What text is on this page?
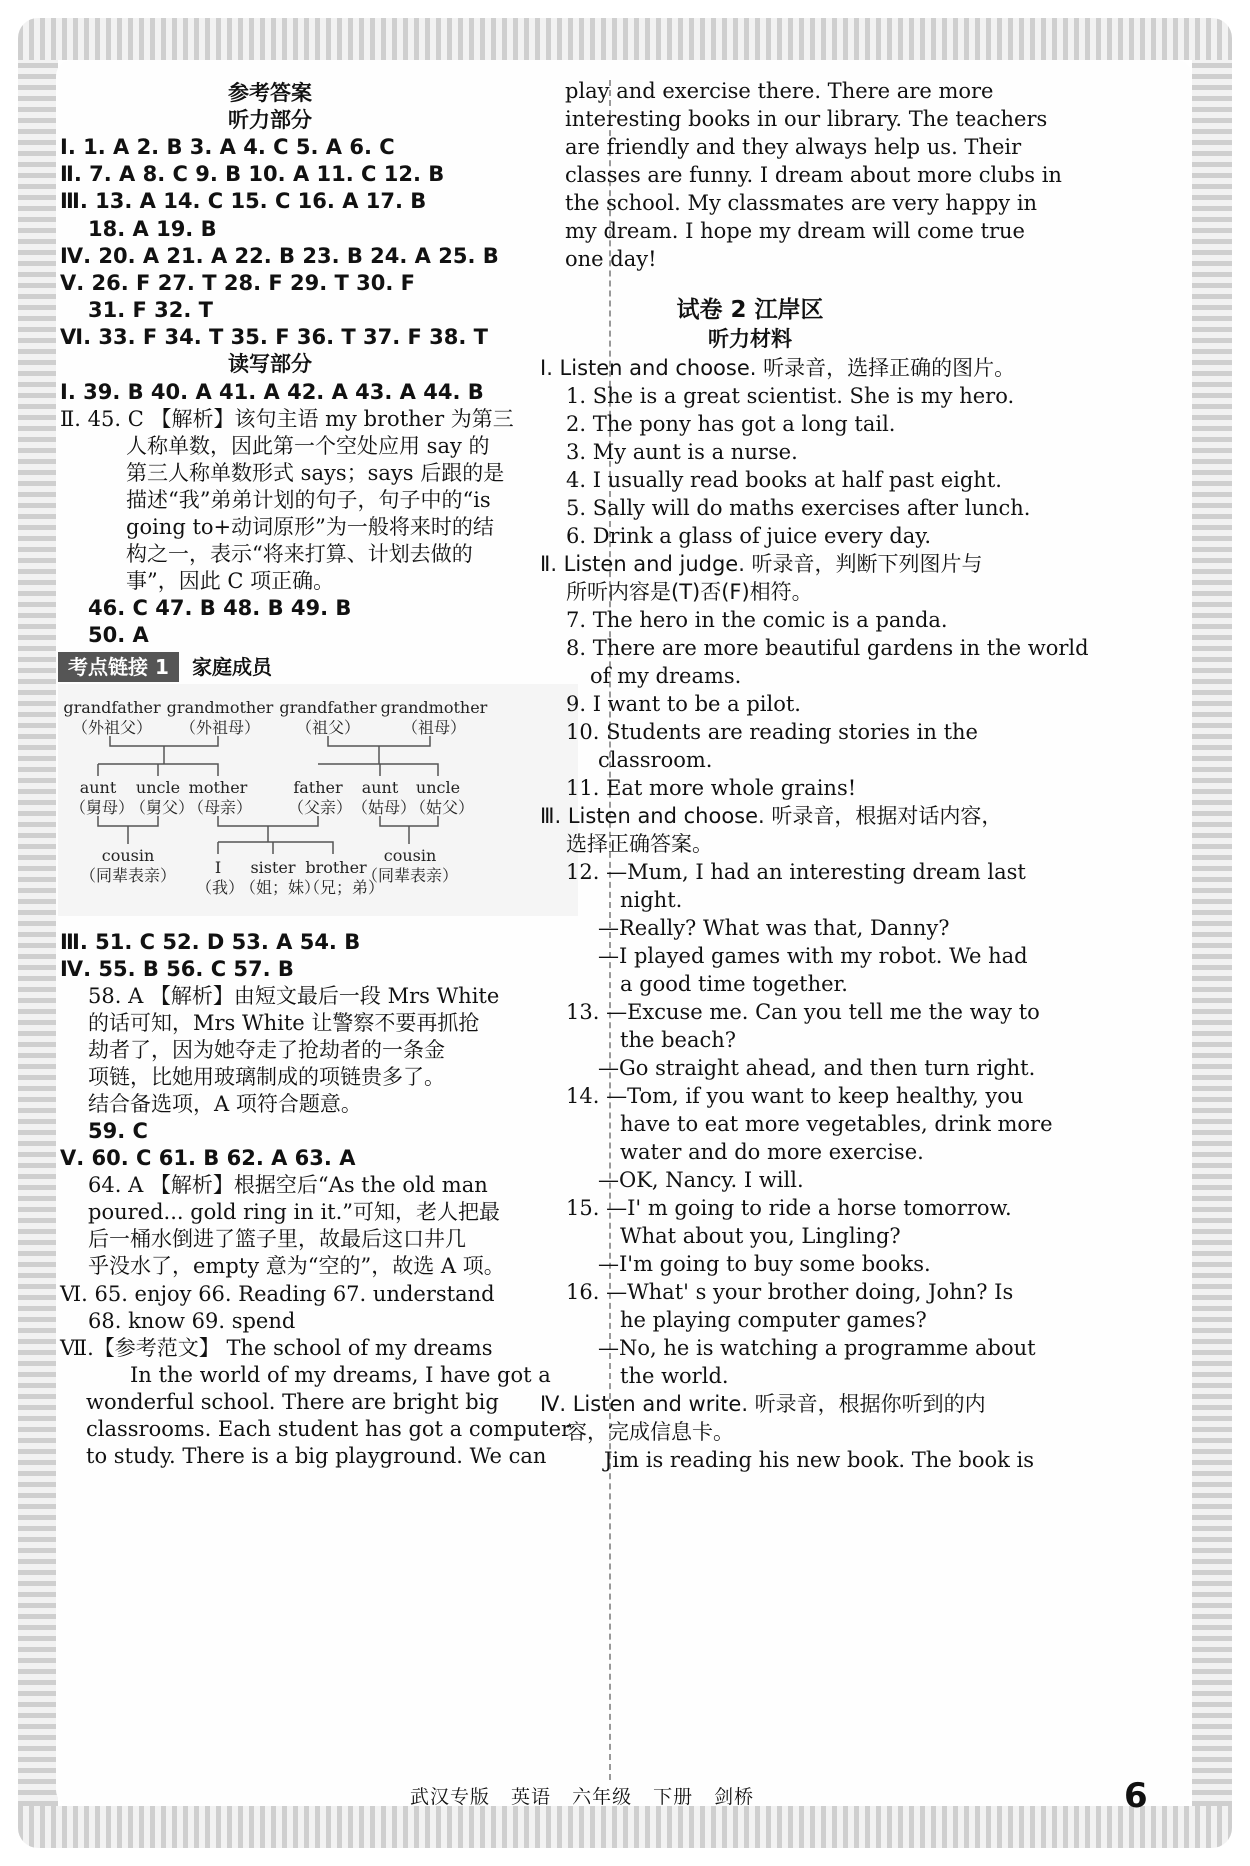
参考答案
听力部分
Ⅰ. 1. A 2. B 3. A 4. C 5. A 6. C
Ⅱ. 7. A 8. C 9. B 10. A 11. C 12. B
Ⅲ. 13. A 14. C 15. C 16. A 17. B
18. A 19. B
Ⅳ. 20. A 21. A 22. B 23. B 24. A 25. B
Ⅴ. 26. F 27. T 28. F 29. T 30. F
31. F 32. T
Ⅵ. 33. F 34. T 35. F 36. T 37. F 38. T
读写部分
Ⅰ. 39. B 40. A 41. A 42. A 43. A 44. B
Ⅱ. 45. C 【解析】该句主语 my brother 为第三
人称单数，因此第一个空处应用 say 的
第三人称单数形式 says；says 后跟的是
描述“我”弟弟计划的句子，句子中的“is
going to+动词原形”为一般将来时的结
构之一，表示“将来打算、计划去做的
事”，因此 C 项正确。
46. C 47. B 48. B 49. B
50. A
考点链接 1 家庭成员
grandfather
（外祖父）
grandmother
（外祖母）
grandfather
（祖父）
grandmother
（祖母）
aunt
（舅母）
uncle
（舅父）
mother
（母亲）
father
（父亲）
aunt
（姑母）
uncle
（姑父）
cousin
（同辈表亲）	I
（我）
sister
（姐；妹）
brother
（兄；弟）
cousin
（同辈表亲）
Ⅲ. 51. C 52. D 53. A 54. B
Ⅳ. 55. B 56. C 57. B
58. A 【解析】由短文最后一段 Mrs White
的话可知，Mrs White 让警察不要再抓抢
劫者了，因为她夺走了抢劫者的一条金
项链，比她用玻璃制成的项链贵多了。
结合备选项，A 项符合题意。
59. C
Ⅴ. 60. C 61. B 62. A 63. A
64. A 【解析】根据空后“As the old man
poured... gold ring in it.”可知，老人把最
后一桶水倒进了篮子里，故最后这口井几
乎没水了，empty 意为“空的”，故选 A 项。
Ⅵ. 65. enjoy 66. Reading 67. understand
68. know 69. spend
Ⅶ.【参考范文】 The school of my dreams
In the world of my dreams, I have got a
wonderful school. There are bright big
classrooms. Each student has got a computer
to study. There is a big playground. We can
play and exercise there. There are more
interesting books in our library. The teachers
are friendly and they always help us. Their
classes are funny. I dream about more clubs in
the school. My classmates are very happy in
my dream. I hope my dream will come true
one day!
试卷 2 江岸区
听力材料
Ⅰ. Listen and choose. 听录音，选择正确的图片。
1. She is a great scientist. She is my hero.
2. The pony has got a long tail.
3. My aunt is a nurse.
4. I usually read books at half past eight.
5. Sally will do maths exercises after lunch.
6. Drink a glass of juice every day.
Ⅱ. Listen and judge. 听录音，判断下列图片与
所听内容是(T)否(F)相符。
7. The hero in the comic is a panda.
8. There are more beautiful gardens in the world
of my dreams.
9. I want to be a pilot.
10. Students are reading stories in the
classroom.
11. Eat more whole grains!
Ⅲ. Listen and choose. 听录音，根据对话内容，
选择正确答案。
12. —Mum, I had an interesting dream last
night.
—Really? What was that, Danny?
—I played games with my robot. We had
a good time together.
13. —Excuse me. Can you tell me the way to
the beach?
—Go straight ahead, and then turn right.
14. —Tom, if you want to keep healthy, you
have to eat more vegetables, drink more
water and do more exercise.
—OK, Nancy. I will.
15. —I' m going to ride a horse tomorrow.
What about you, Lingling?
—I'm going to buy some books.
16. —What' s your brother doing, John? Is
he playing computer games?
—No, he is watching a programme about
the world.
Ⅳ. Listen and write. 听录音，根据你听到的内
容，完成信息卡。
Jim is reading his new book. The book is
武汉专版 英语 六年级 下册 剑桥	6
